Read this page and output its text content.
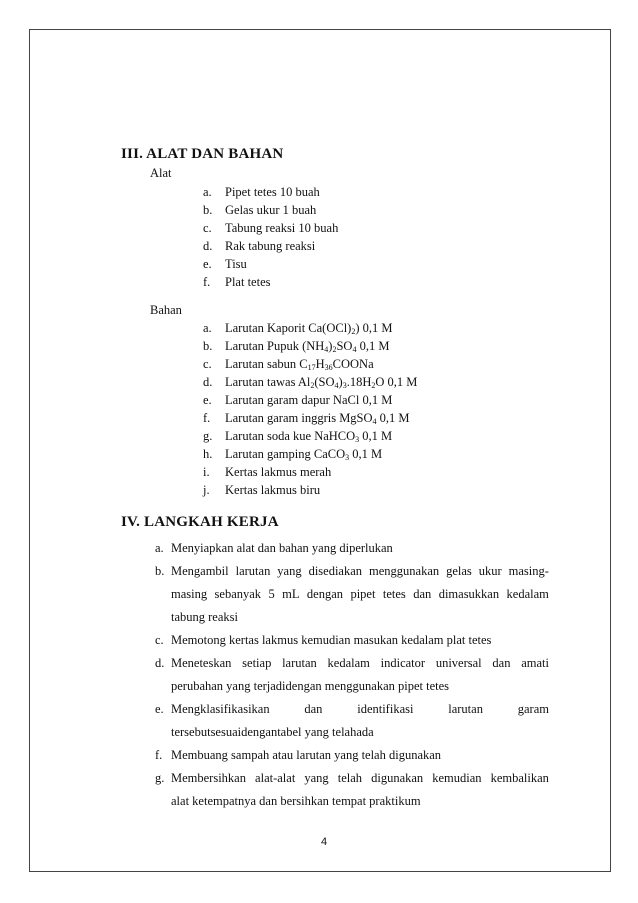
III. ALAT DAN BAHAN
Alat
a. Pipet tetes 10 buah
b. Gelas ukur 1 buah
c. Tabung reaksi 10 buah
d. Rak tabung reaksi
e. Tisu
f. Plat tetes
Bahan
a. Larutan Kaporit $Ca(OCl)_2$) 0,1 M
b. Larutan Pupuk $(NH_4)_2SO_4$ 0,1 M
c. Larutan sabun $C_{17}H_{36}COONa$
d. Larutan tawas $Al_2(SO_4)_3.18H_2O$ 0,1 M
e. Larutan garam dapur NaCl 0,1 M
f. Larutan garam inggris MgSO$_4$ 0,1 M
g. Larutan soda kue NaHCO$_3$ 0,1 M
h. Larutan gamping CaCO$_3$ 0,1 M
i. Kertas lakmus merah
j. Kertas lakmus biru
IV. LANGKAH KERJA
a. Menyiapkan alat dan bahan yang diperlukan
b. Mengambil larutan yang disediakan menggunakan gelas ukur masing-
masing sebanyak 5 mL dengan pipet tetes dan dimasukkan kedalam
tabung reaksi
c. Memotong kertas lakmus kemudian masukan kedalam plat tetes
d. Meneteskan setiap larutan kedalam indicator universal dan amati
perubahan yang terjadidengan menggunakan pipet tetes
e. Mengklasifikasikan	dan	identifikasi	larutan	garam
tersebutsesuaidengantabel yang telahada
f. Membuang sampah atau larutan yang telah digunakan
g. Membersihkan alat-alat yang telah digunakan kemudian kembalikan
alat ketempatnya dan bersihkan tempat praktikum
4
